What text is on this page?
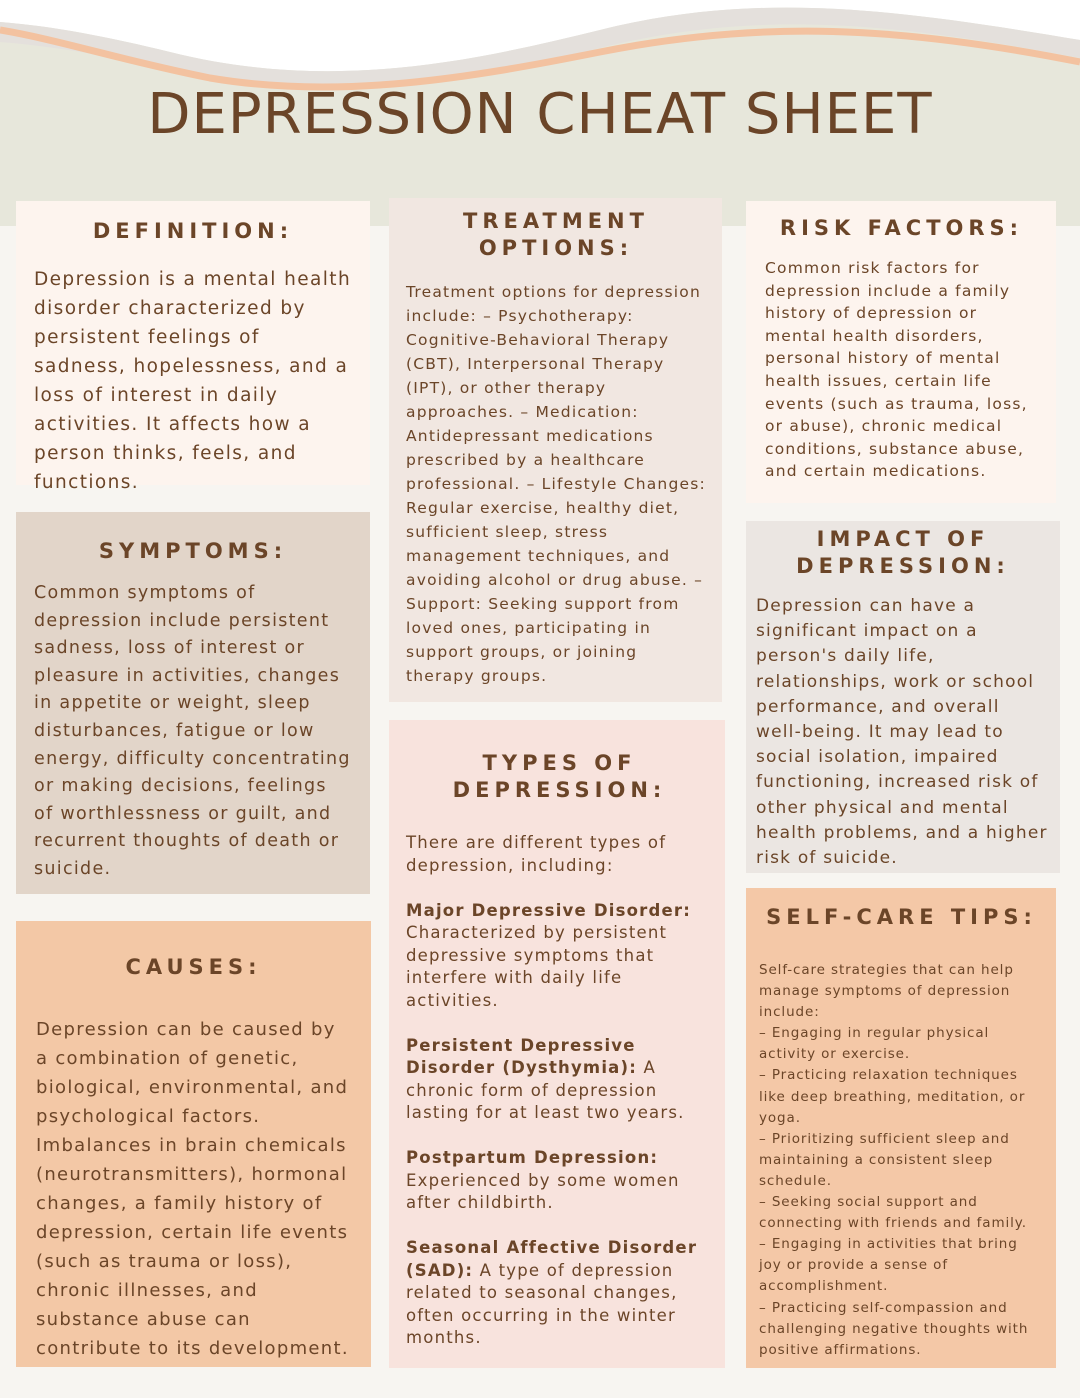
DEPRESSION CHEAT SHEET
DEFINITION:

Depression is a mental health disorder characterized by persistent feelings of sadness, hopelessness, and a loss of interest in daily activities. It affects how a person thinks, feels, and functions.

SYMPTOMS:

Common symptoms of depression include persistent sadness, loss of interest or pleasure in activities, changes in appetite or weight, sleep disturbances, fatigue or low energy, difficulty concentrating or making decisions, feelings of worthlessness or guilt, and recurrent thoughts of death or suicide.

CAUSES:

Depression can be caused by a combination of genetic, biological, environmental, and psychological factors. Imbalances in brain chemicals (neurotransmitters), hormonal changes, a family history of depression, certain life events (such as trauma or loss), chronic illnesses, and substance abuse can contribute to its development.

TREATMENT
OPTIONS:

Treatment options for depression include: – Psychotherapy: Cognitive-Behavioral Therapy (CBT), Interpersonal Therapy (IPT), or other therapy approaches. – Medication: Antidepressant medications prescribed by a healthcare professional. – Lifestyle Changes: Regular exercise, healthy diet, sufficient sleep, stress management techniques, and avoiding alcohol or drug abuse. – Support: Seeking support from loved ones, participating in support groups, or joining therapy groups.

TYPES OF
DEPRESSION:

There are different types of depression, including:

Major Depressive Disorder: Characterized by persistent depressive symptoms that interfere with daily life activities.

Persistent Depressive Disorder (Dysthymia): A chronic form of depression lasting for at least two years.

Postpartum Depression: Experienced by some women after childbirth.

Seasonal Affective Disorder (SAD): A type of depression related to seasonal changes, often occurring in the winter months.

RISK FACTORS:

Common risk factors for depression include a family history of depression or mental health disorders, personal history of mental health issues, certain life events (such as trauma, loss, or abuse), chronic medical conditions, substance abuse, and certain medications.

IMPACT OF
DEPRESSION:

Depression can have a significant impact on a person's daily life, relationships, work or school performance, and overall well-being. It may lead to social isolation, impaired functioning, increased risk of other physical and mental health problems, and a higher risk of suicide.

SELF-CARE TIPS:

Self-care strategies that can help manage symptoms of depression include:
– Engaging in regular physical activity or exercise.
– Practicing relaxation techniques like deep breathing, meditation, or yoga.
– Prioritizing sufficient sleep and maintaining a consistent sleep schedule.
– Seeking social support and connecting with friends and family.
– Engaging in activities that bring joy or provide a sense of accomplishment.
– Practicing self-compassion and challenging negative thoughts with positive affirmations.
